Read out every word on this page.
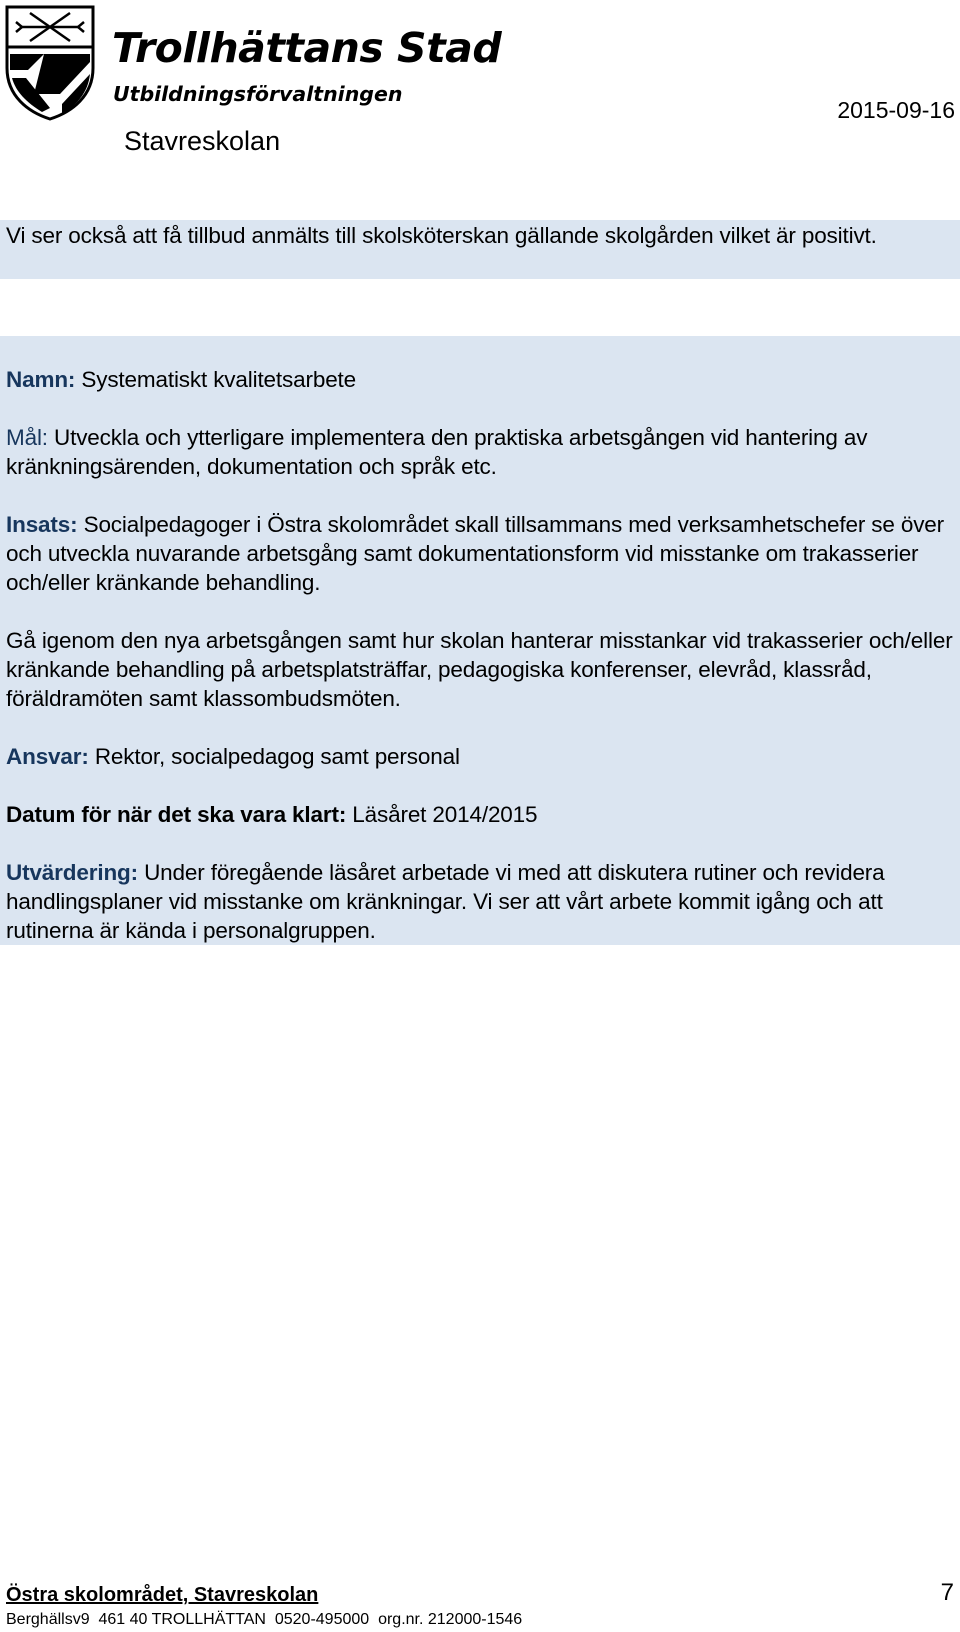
Trollhättans Stad
Utbildningsförvaltningen
Stavreskolan
2015-09-16

Vi ser också att få tillbud anmälts till skolsköterskan gällande skolgården vilket är positivt.

Namn: Systematiskt kvalitetsarbete

Mål: Utveckla och ytterligare implementera den praktiska arbetsgången vid hantering av kränkningsärenden, dokumentation och språk etc.

Insats: Socialpedagoger i Östra skolområdet skall tillsammans med verksamhetschefer se över och utveckla nuvarande arbetsgång samt dokumentationsform vid misstanke om trakasserier och/eller kränkande behandling.

Gå igenom den nya arbetsgången samt hur skolan hanterar misstankar vid trakasserier och/eller kränkande behandling på arbetsplatsträffar, pedagogiska konferenser, elevråd, klassråd, föräldramöten samt klassombudsmöten.

Ansvar: Rektor, socialpedagog samt personal

Datum för när det ska vara klart: Läsåret 2014/2015

Utvärdering: Under föregående läsåret arbetade vi med att diskutera rutiner och revidera handlingsplaner vid misstanke om kränkningar. Vi ser att vårt arbete kommit igång och att rutinerna är kända i personalgruppen.

Östra skolområdet, Stavreskolan	7
Berghällsv9  461 40 TROLLHÄTTAN  0520-495000  org.nr. 212000-1546
